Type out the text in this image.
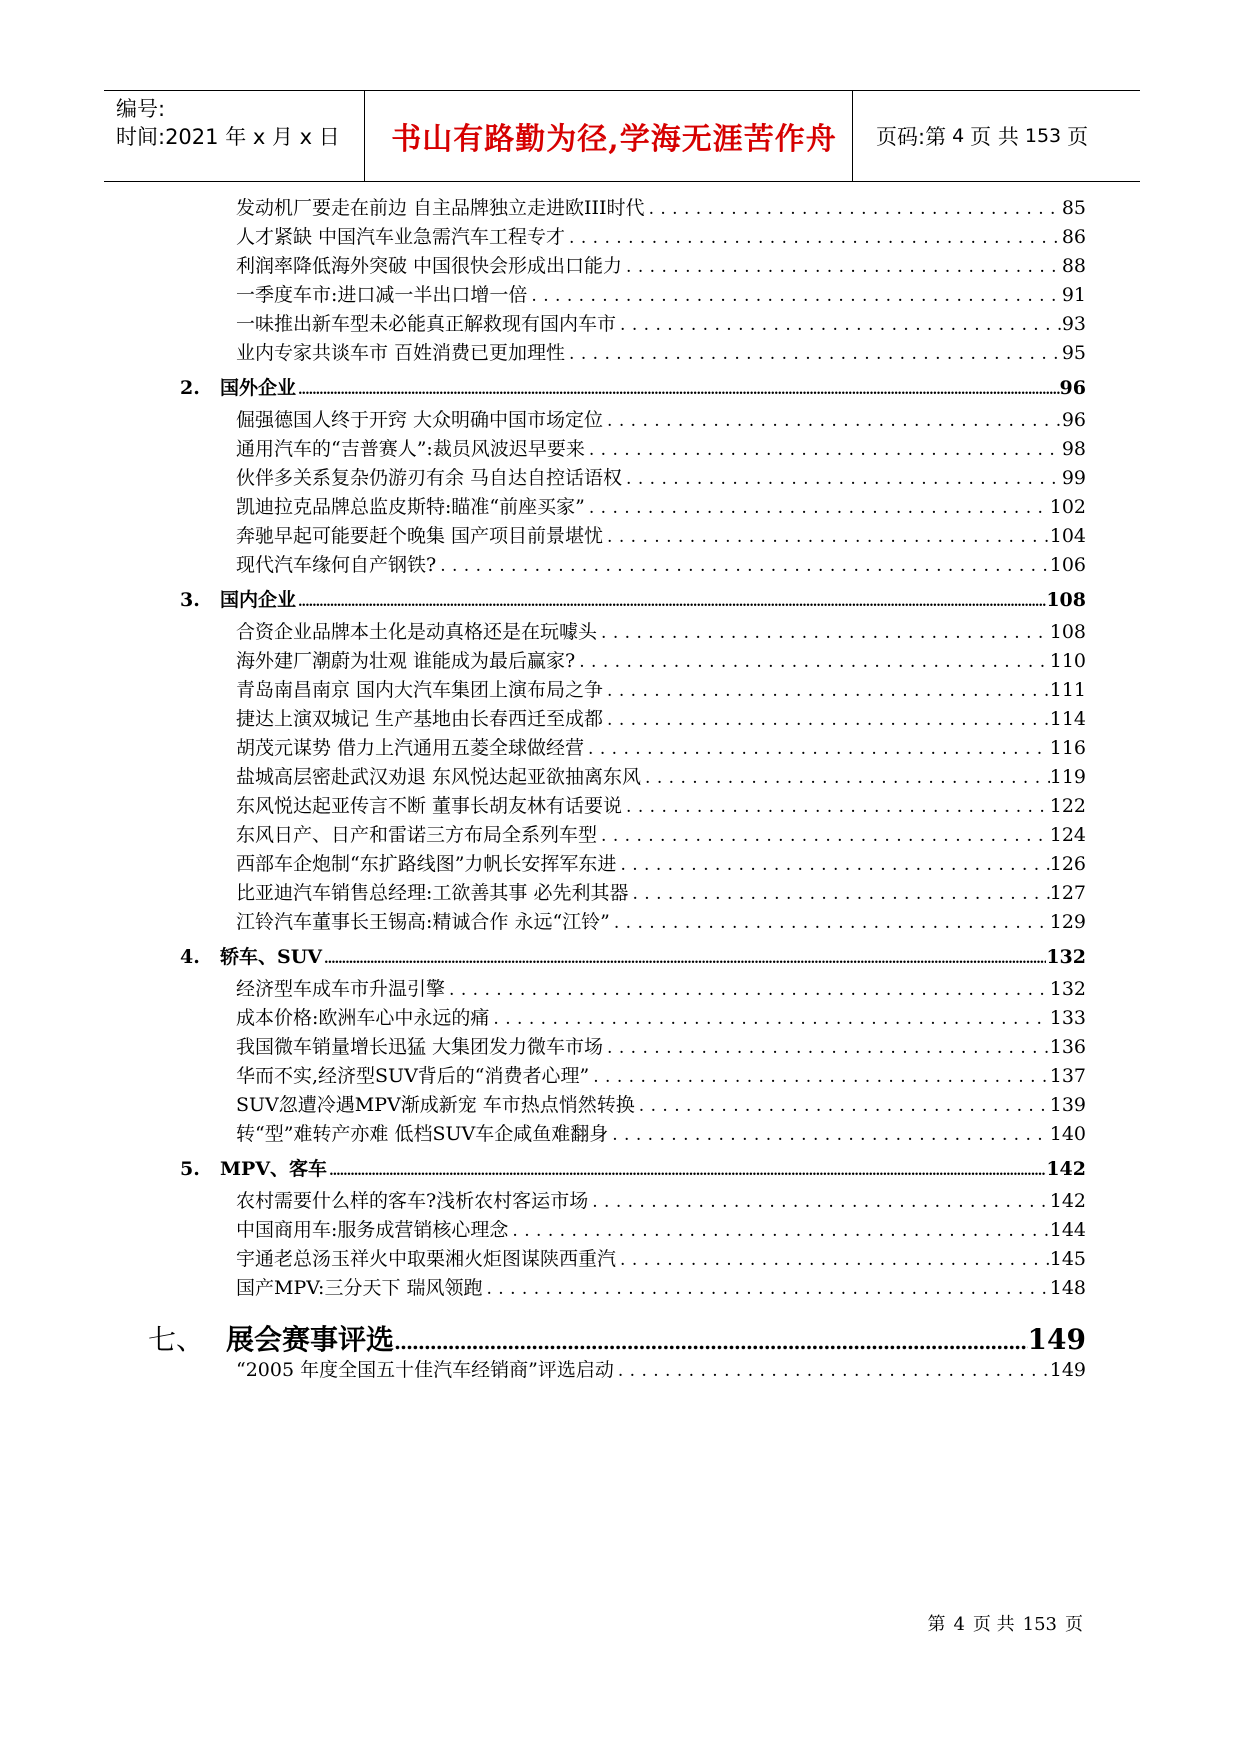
编号:
时间:2021 年 x 月 x 日	书山有路勤为径,学海无涯苦作舟	页码:第 4 页 共 153 页
发动机厂要走在前边 自主品牌独立走进欧III时代 . . .	85
人才紧缺 中国汽车业急需汽车工程专才 . . .	86
利润率降低海外突破 中国很快会形成出口能力 . . .	88
一季度车市:进口减一半出口增一倍 . . .	91
一味推出新车型未必能真正解救现有国内车市 . . .	93
业内专家共谈车市 百姓消费已更加理性 . . .	95
2.	国外企业 .....	96
倔强德国人终于开窍 大众明确中国市场定位 . . .	96
通用汽车的“吉普赛人”:裁员风波迟早要来 . . .	98
伙伴多关系复杂仍游刃有余 马自达自控话语权 . . .	99
凯迪拉克品牌总监皮斯特:瞄准“前座买家” . . .	102
奔驰早起可能要赶个晚集 国产项目前景堪忧 . . .	104
现代汽车缘何自产钢铁? . . .	106
3.	国内企业 .....	108
合资企业品牌本土化是动真格还是在玩噱头 . . .	108
海外建厂潮蔚为壮观 谁能成为最后赢家? . . .	110
青岛南昌南京 国内大汽车集团上演布局之争 . . .	111
捷达上演双城记 生产基地由长春西迁至成都 . . .	114
胡茂元谋势 借力上汽通用五菱全球做经营 . . .	116
盐城高层密赴武汉劝退 东风悦达起亚欲抽离东风 . . .	119
东风悦达起亚传言不断 董事长胡友林有话要说 . . .	122
东风日产、日产和雷诺三方布局全系列车型 . . .	124
西部车企炮制“东扩路线图”力帆长安挥军东进 . . .	126
比亚迪汽车销售总经理:工欲善其事 必先利其器 . . .	127
江铃汽车董事长王锡高:精诚合作 永远“江铃” . . .	129
4.	轿车、SUV .....	132
经济型车成车市升温引擎 . . .	132
成本价格:欧洲车心中永远的痛 . . .	133
我国微车销量增长迅猛 大集团发力微车市场 . . .	136
华而不实,经济型SUV背后的“消费者心理” . . .	137
SUV忽遭冷遇MPV渐成新宠 车市热点悄然转换 . . .	139
转“型”难转产亦难 低档SUV车企咸鱼难翻身 . . .	140
5.	MPV、客车 .....	142
农村需要什么样的客车?浅析农村客运市场 . . .	142
中国商用车:服务成营销核心理念 . . .	144
宇通老总汤玉祥火中取栗湘火炬图谋陕西重汽 . . .	145
国产MPV:三分天下 瑞风领跑 . . .	148
七、 展会赛事评选 .....	149
“2005 年度全国五十佳汽车经销商”评选启动 . . .	149
第 4 页 共 153 页
